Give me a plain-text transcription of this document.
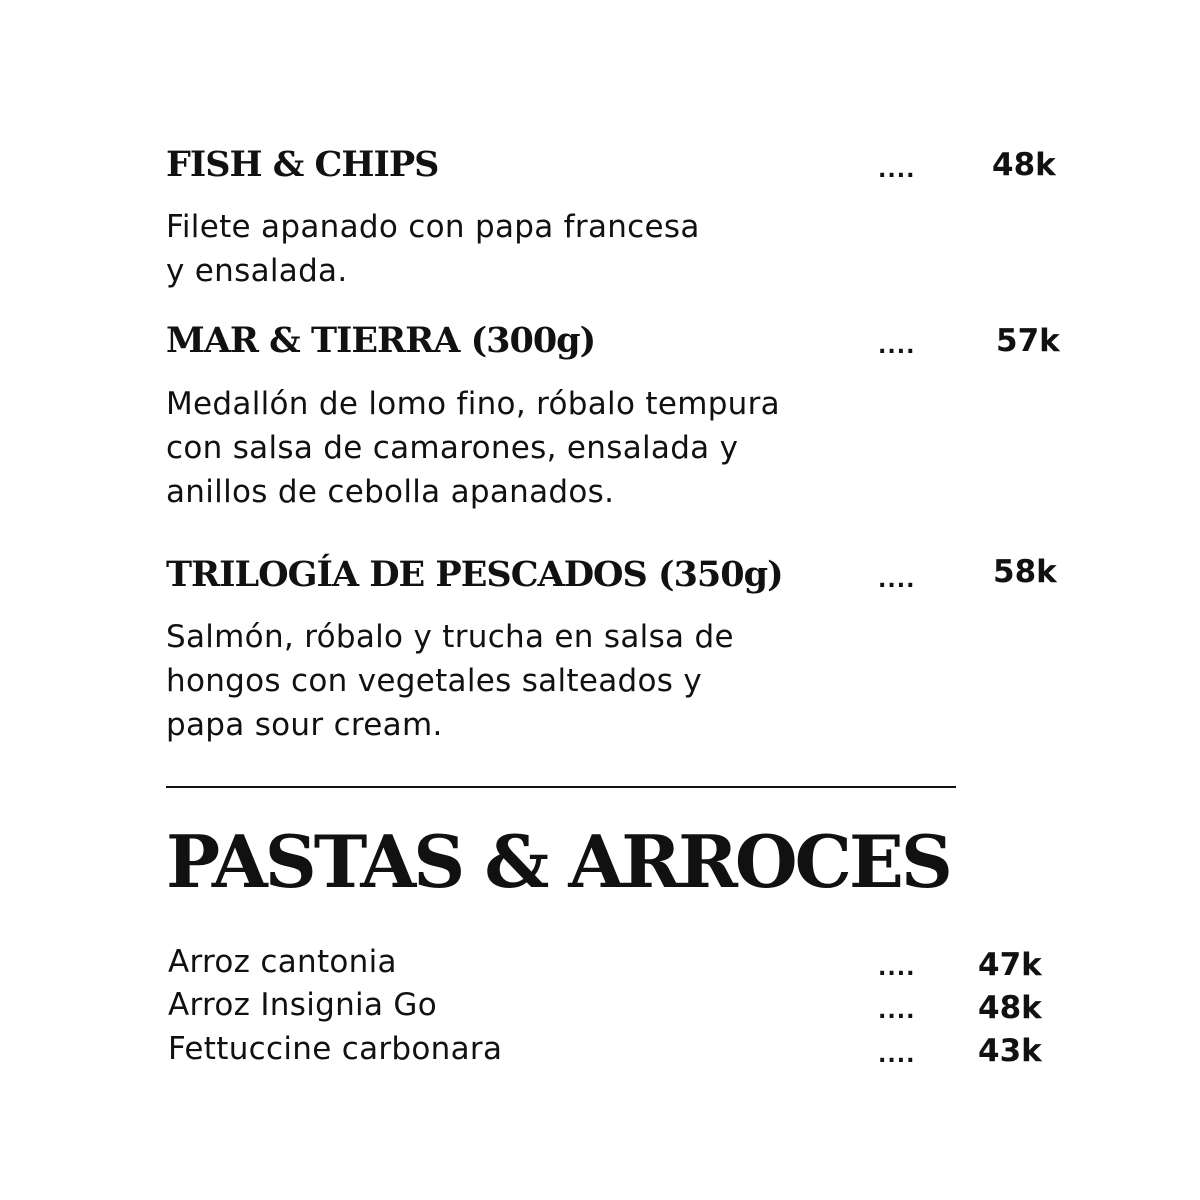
FISH & CHIPS	.... 48k

Filete apanado con papa francesa
y ensalada.

MAR & TIERRA (300g)	....	57k

Medallón de lomo fino, róbalo tempura
con salsa de camarones, ensalada y
anillos de cebolla apanados.

TRILOGÍA DE PESCADOS (350g)	....	58k

Salmón, róbalo y trucha en salsa de
hongos con vegetales salteados y
papa sour cream.

PASTAS & ARROCES
Arroz cantonia	.... 47k
Arroz Insignia Go	.... 48k
Fettuccine carbonara	.... 43k
